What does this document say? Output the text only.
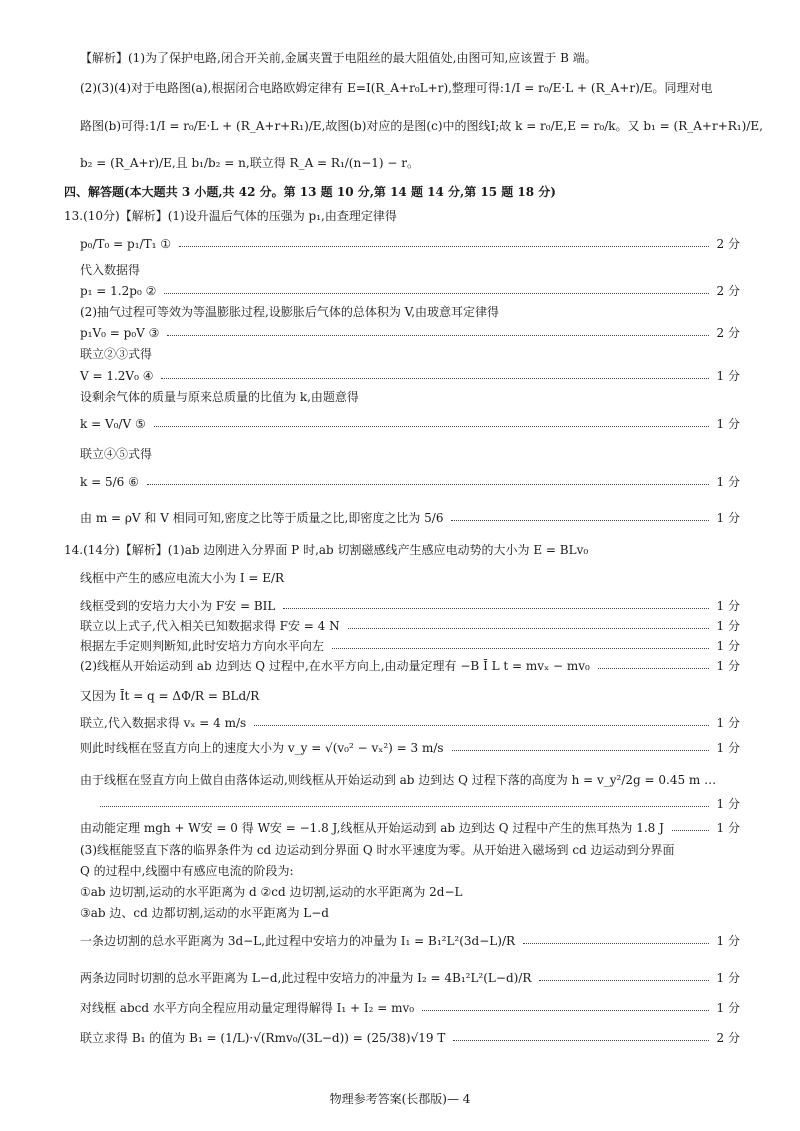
【解析】(1)为了保护电路,闭合开关前,金属夹置于电阻丝的最大阻值处,由图可知,应该置于 B 端。
(2)(3)(4)对于电路图(a),根据闭合电路欧姆定律有 E=I(R_A+r₀L+r),整理可得:1/I = r₀/E·L + (R_A+r)/E。同理对电
路图(b)可得:1/I = r₀/E·L + (R_A+r+R₁)/E,故图(b)对应的是图(c)中的图线Ⅰ;故 k = r₀/E,E = r₀/k。又 b₁ = (R_A+r+R₁)/E,
b₂ = (R_A+r)/E,且 b₁/b₂ = n,联立得 R_A = R₁/(n−1) − r。
四、解答题(本大题共 3 小题,共 42 分。第 13 题 10 分,第 14 题 14 分,第 15 题 18 分)
13.(10分)【解析】(1)设升温后气体的压强为 p₁,由查理定律得
p₀/T₀ = p₁/T₁ ①	2 分
代入数据得
p₁ = 1.2p₀ ②	2 分
(2)抽气过程可等效为等温膨胀过程,设膨胀后气体的总体积为 V,由玻意耳定律得
p₁V₀ = p₀V ③	2 分
联立②③式得
V = 1.2V₀ ④	1 分
设剩余气体的质量与原来总质量的比值为 k,由题意得
k = V₀/V ⑤	1 分
联立④⑤式得
k = 5/6 ⑥	1 分
由 m = ρV 和 V 相同可知,密度之比等于质量之比,即密度之比为 5/6	1 分
14.(14分)【解析】(1)ab 边刚进入分界面 P 时,ab 切割磁感线产生感应电动势的大小为 E = BLv₀
线框中产生的感应电流大小为 I = E/R
线框受到的安培力大小为 F安 = BIL	1 分
联立以上式子,代入相关已知数据求得 F安 = 4 N	1 分
根据左手定则判断知,此时安培力方向水平向左	1 分
(2)线框从开始运动到 ab 边到达 Q 过程中,在水平方向上,由动量定理有 −B Ī L t = mvₓ − mv₀	1 分
又因为 Īt = q = ΔΦ/R = BLd/R
联立,代入数据求得 vₓ = 4 m/s	1 分
则此时线框在竖直方向上的速度大小为 v_y = √(v₀² − vₓ²) = 3 m/s	1 分
由于线框在竖直方向上做自由落体运动,则线框从开始运动到 ab 边到达 Q 过程下落的高度为 h = v_y²/2g = 0.45 m …
1 分
由动能定理 mgh + W安 = 0 得 W安 = −1.8 J,线框从开始运动到 ab 边到达 Q 过程中产生的焦耳热为 1.8 J	1 分
(3)线框能竖直下落的临界条件为 cd 边运动到分界面 Q 时水平速度为零。从开始进入磁场到 cd 边运动到分界面
Q 的过程中,线圈中有感应电流的阶段为:
①ab 边切割,运动的水平距离为 d ②cd 边切割,运动的水平距离为 2d−L
③ab 边、cd 边都切割,运动的水平距离为 L−d
一条边切割的总水平距离为 3d−L,此过程中安培力的冲量为 I₁ = B₁²L²(3d−L)/R	1 分
两条边同时切割的总水平距离为 L−d,此过程中安培力的冲量为 I₂ = 4B₁²L²(L−d)/R	1 分
对线框 abcd 水平方向全程应用动量定理得解得 I₁ + I₂ = mv₀	1 分
联立求得 B₁ 的值为 B₁ = (1/L)·√(Rmv₀/(3L−d)) = (25/38)√19 T	2 分
物理参考答案(长郡版)— 4
